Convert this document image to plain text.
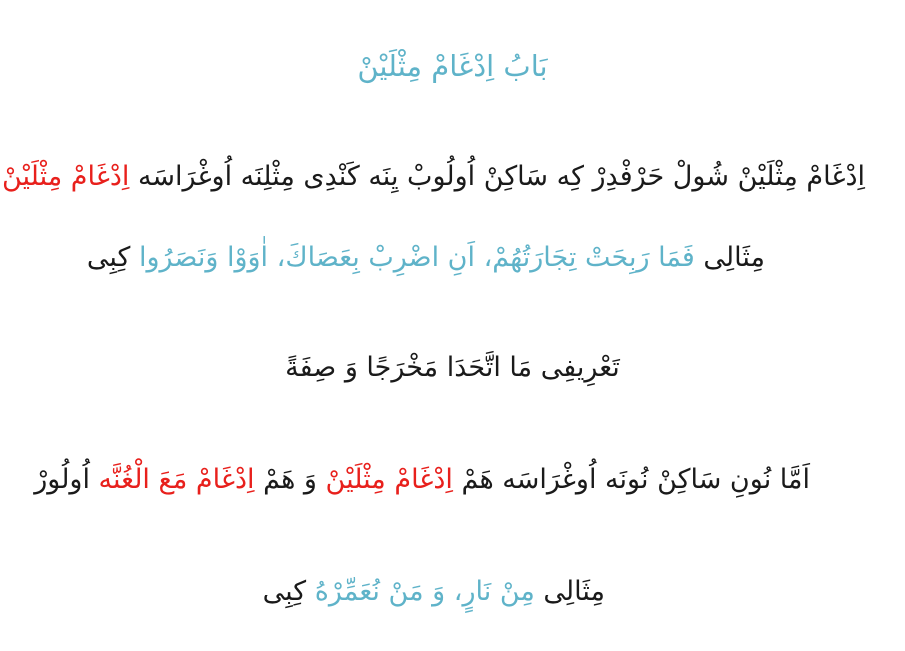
بَابُ اِدْغَامْ مِثْلَيْنْ
اِدْغَامْ مِثْلَيْنْ شُولْ حَرْفْدِرْ كِه سَاكِنْ اُولُوبْ يِنَه كَنْدِى مِثْلِنَه اُوغْرَاسَه اِدْغَامْ مِثْلَيْنْ
مِثَالِى فَمَا رَبِحَتْ تِجَارَتُهُمْ، اَنِ اضْرِبْ بِعَصَاكَ، اٰوَوْا وَنَصَرُوا كِبِى
تَعْرِيفِى مَا اتَّحَدَا مَخْرَجًا وَ صِفَةً
اَمَّا نُونِ سَاكِنْ نُونَه اُوغْرَاسَه هَمْ اِدْغَامْ مِثْلَيْنْ وَ هَمْ اِدْغَامْ مَعَ الْغُنَّه اُولُورْ
مِثَالِى مِنْ نَارٍ، وَ مَنْ نُعَمِّرْهُ كِبِى
